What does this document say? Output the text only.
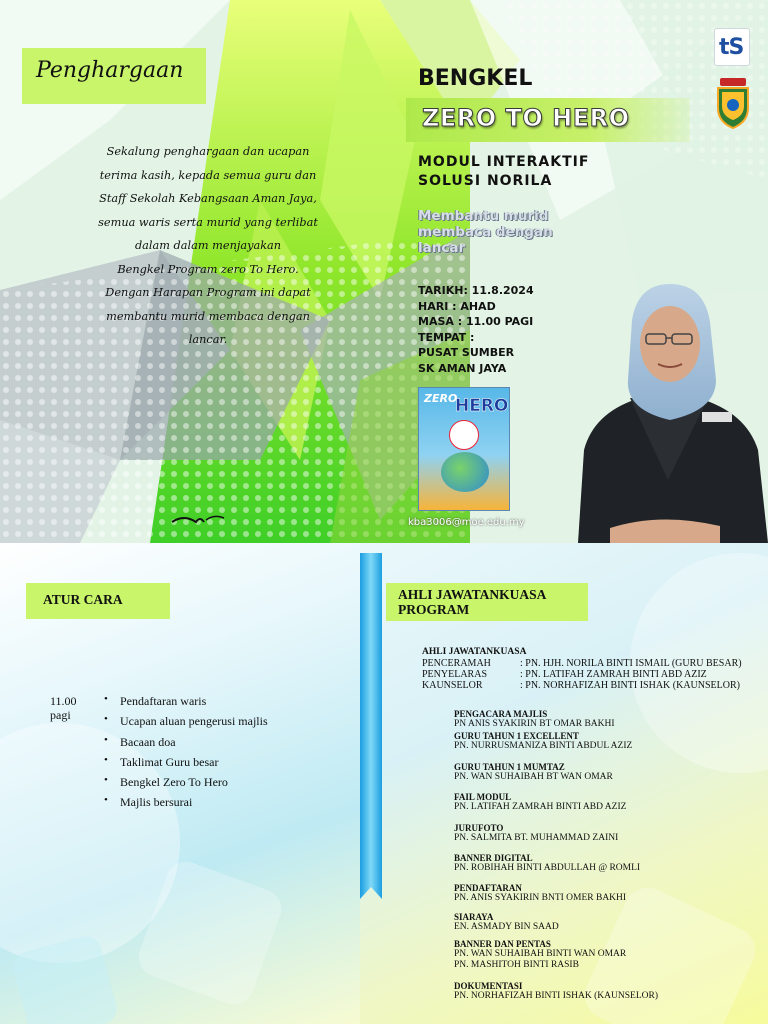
Penghargaan

Sekalung penghargaan dan ucapan

terima kasih, kepada semua guru dan

Staff Sekolah Kebangsaan Aman Jaya,

semua waris serta murid yang terlibat

dalam dalam menjayakan

Bengkel Program zero To Hero.

Dengan Harapan Program ini dapat

membantu murid membaca dengan

lancar.

tS
BENGKEL
ZERO TO HERO
MODUL INTERAKTIF
SOLUSI NORILA
Membantu murid
membaca dengan
lancar
TARIKH: 11.8.2024
HARI : AHAD
MASA : 11.00 PAGI
TEMPAT :
PUSAT SUMBER
SK AMAN JAYA
ZERO
HERO
kba3006@moe.edu.my
ATUR CARA
11.00 pagi
• Pendaftaran waris
• Ucapan aluan pengerusi majlis
• Bacaan doa
• Taklimat Guru besar
• Bengkel Zero To Hero
• Majlis bersurai
AHLI JAWATANKUASA
PROGRAM
AHLI JAWATANKUASA
PENCERAMAH	: PN. HJH. NORILA BINTI ISMAIL (GURU BESAR)
PENYELARAS	: PN. LATIFAH ZAMRAH BINTI ABD AZIZ
KAUNSELOR	: PN. NORHAFIZAH BINTI ISHAK (KAUNSELOR)
PENGACARA MAJLIS
PN ANIS SYAKIRIN BT OMAR BAKHI
GURU TAHUN 1 EXCELLENT
PN. NURRUSMANIZA BINTI ABDUL AZIZ
GURU TAHUN 1 MUMTAZ
PN. WAN SUHAIBAH BT WAN OMAR
FAIL MODUL
PN. LATIFAH ZAMRAH BINTI ABD AZIZ
JURUFOTO
PN. SALMITA BT. MUHAMMAD ZAINI
BANNER DIGITAL
PN. ROBIHAH BINTI ABDULLAH @ ROMLI
PENDAFTARAN
PN. ANIS SYAKIRIN BNTI OMER BAKHI
SIARAYA
EN. ASMADY BIN SAAD
BANNER DAN PENTAS
PN. WAN SUHAIBAH BINTI WAN OMAR
PN. MASHITOH BINTI RASIB
DOKUMENTASI
PN. NORHAFIZAH BINTI ISHAK (KAUNSELOR)
